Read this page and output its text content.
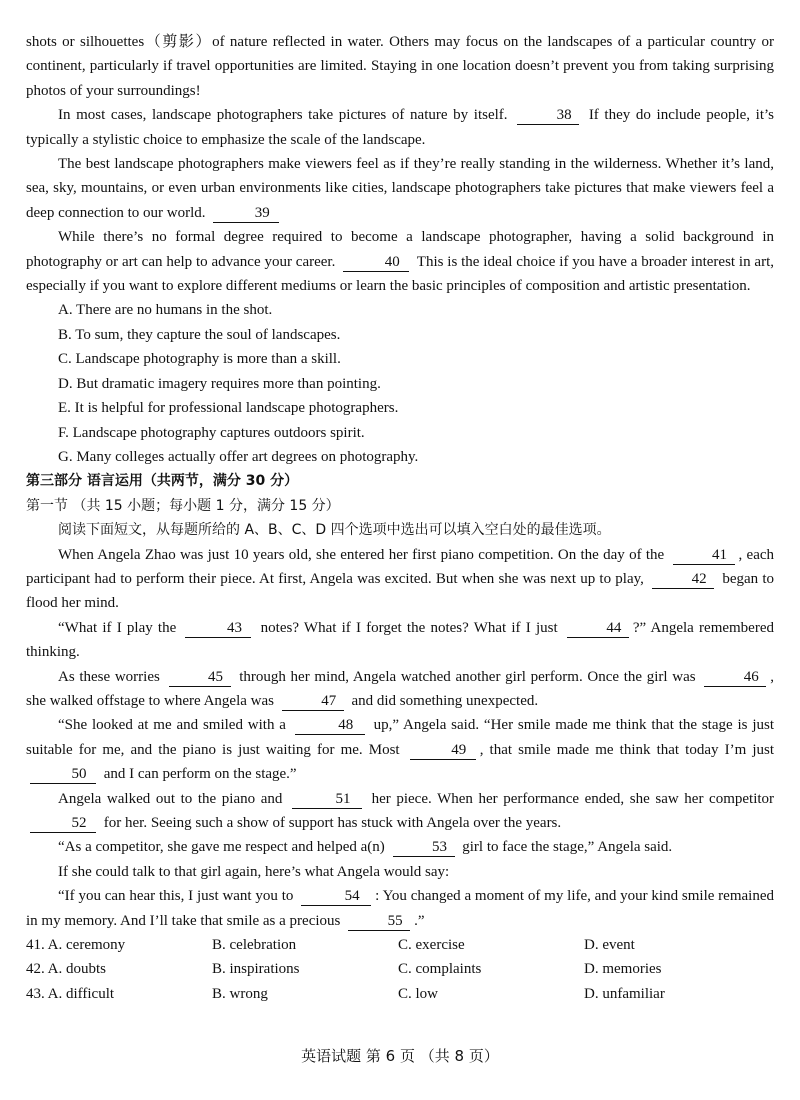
shots or silhouettes（剪影）of nature reflected in water. Others may focus on the landscapes of a particular country or continent, particularly if travel opportunities are limited. Staying in one location doesn’t prevent you from taking surprising photos of your surroundings!

In most cases, landscape photographers take pictures of nature by itself.	38 If they do include people, it’s typically a stylistic choice to emphasize the scale of the landscape.

The best landscape photographers make viewers feel as if they’re really standing in the wilderness. Whether it’s land, sea, sky, mountains, or even urban environments like cities, landscape photographers take pictures that make viewers feel a deep connection to our world.	39

While there’s no formal degree required to become a landscape photographer, having a solid background in photography or art can help to advance your career.	40 This is the ideal choice if you have a broader interest in art, especially if you want to explore different mediums or learn the basic principles of composition and artistic presentation.

A. There are no humans in the shot.

B. To sum, they capture the soul of landscapes.

C. Landscape photography is more than a skill.

D. But dramatic imagery requires more than pointing.

E. It is helpful for professional landscape photographers.

F. Landscape photography captures outdoors spirit.

G. Many colleges actually offer art degrees on photography.

第三部分 语言运用（共两节，满分 30 分）

第一节 （共 15 小题；每小题 1 分，满分 15 分）

阅读下面短文，从每题所给的 A、B、C、D 四个选项中选出可以填入空白处的最佳选项。

When Angela Zhao was just 10 years old, she entered her first piano competition. On the day of the	41 , each participant had to perform their piece. At first, Angela was excited. But when she was next up to play,	42 began to flood her mind.

“What if I play the	43 notes? What if I forget the notes? What if I just	44 ?” Angela remembered thinking.

As these worries	45 through her mind, Angela watched another girl perform. Once the girl was	46 , she walked offstage to where Angela was	47 and did something unexpected.

“She looked at me and smiled with a	48 up,” Angela said. “Her smile made me think that the stage is just suitable for me, and the piano is just waiting for me. Most	49 , that smile made me think that today I’m just 50 and I can perform on the stage.”

Angela walked out to the piano and	51 her piece. When her performance ended, she saw her competitor 52 for her. Seeing such a show of support has stuck with Angela over the years.

“As a competitor, she gave me respect and helped a(n)	53 girl to face the stage,” Angela said.

If she could talk to that girl again, here’s what Angela would say:

“If you can hear this, I just want you to	54 : You changed a moment of my life, and your kind smile remained in my memory. And I’ll take that smile as a precious	55 .”

41. A. ceremony	B. celebration	C. exercise	D. event
42. A. doubts	B. inspirations	C. complaints	D. memories
43. A. difficult	B. wrong	C. low	D. unfamiliar
英语试题 第 6 页 （共 8 页）
